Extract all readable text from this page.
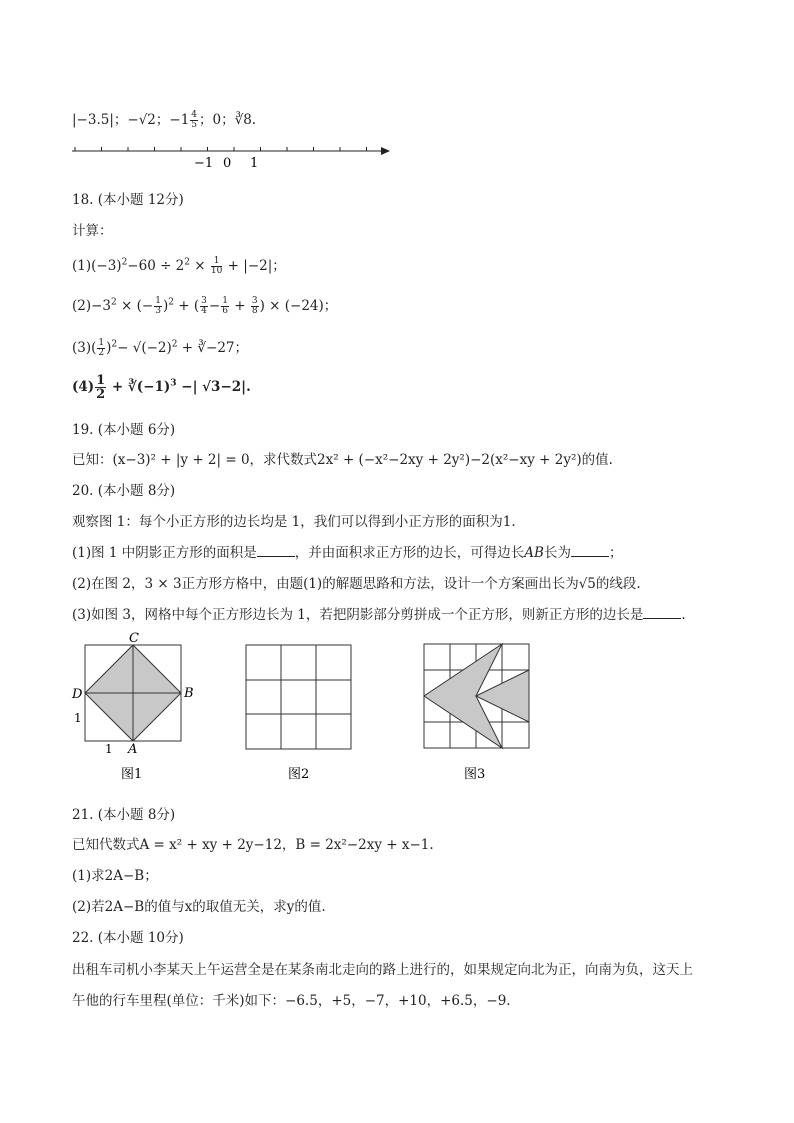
|−3.5|；−√2；$-1 \frac{4}{5}$ ；0；∛8.
−1 0 1
18. (本小题 12分)
计算：
$(1)(-3)^2-60 \div 2^2 \times \frac{1}{10} + |-2|$；
$(2)-3^2$ × (− $\frac{1}{3} )^2$ + ( $\frac{3}{4} - \frac{1}{6} + \frac{3}{8}$ ) × (−24)；
$(3)( \frac{1}{2} )^2- √(-2)^2$ + ∛−27；
$(4) \frac{1}{2}$ + $∛(-1)^3$ −| √3−2|.
19. (本小题 6分)
已知：(x−3)² + |y + 2| = 0，求代数式2x² + (−x²−2xy + 2y²)−2(x²−xy + 2y²)的值.
20. (本小题 8分)
观察图 1：每个小正方形的边长均是 1，我们可以得到小正方形的面积为1.
(1)图 1 中阴影正方形的面积是	，并由面积求正方形的边长，可得边长AB长为	；
(2)在图 2，3 × 3正方形方格中，由题(1)的解题思路和方法，设计一个方案画出长为√5的线段.
(3)如图 3，网格中每个正方形边长为 1，若把阴影部分剪拼成一个正方形，则新正方形的边长是	.
C
D	B
A
1
1
图1	图2	图3
21. (本小题 8分)
已知代数式A = x² + xy + 2y−12，B = 2x²−2xy + x−1.
(1)求2A−B；
(2)若2A−B的值与x的取值无关，求y的值.
22. (本小题 10分)
出租车司机小李某天上午运营全是在某条南北走向的路上进行的，如果规定向北为正，向南为负，这天上
午他的行车里程(单位：千米)如下：−6.5，+5，−7，+10，+6.5，−9.
